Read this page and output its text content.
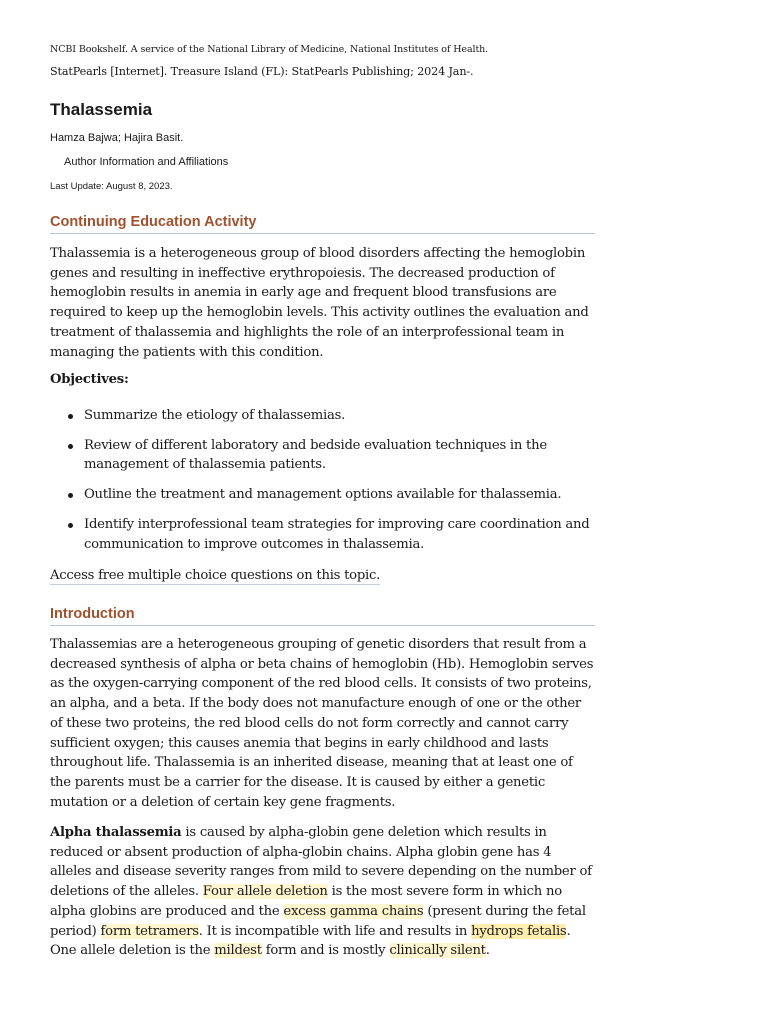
NCBI Bookshelf. A service of the National Library of Medicine, National Institutes of Health.
StatPearls [Internet]. Treasure Island (FL): StatPearls Publishing; 2024 Jan-.
Thalassemia
Hamza Bajwa; Hajira Basit.
Author Information and Affiliations
Last Update: August 8, 2023.
Continuing Education Activity

Thalassemia is a heterogeneous group of blood disorders affecting the hemoglobin genes and resulting in ineffective erythropoiesis. The decreased production of hemoglobin results in anemia in early age and frequent blood transfusions are required to keep up the hemoglobin levels. This activity outlines the evaluation and treatment of thalassemia and highlights the role of an interprofessional team in managing the patients with this condition.

Objectives:

Summarize the etiology of thalassemias.
Review of different laboratory and bedside evaluation techniques in the management of thalassemia patients.
Outline the treatment and management options available for thalassemia.
Identify interprofessional team strategies for improving care coordination and communication to improve outcomes in thalassemia.
Access free multiple choice questions on this topic.
Introduction

Thalassemias are a heterogeneous grouping of genetic disorders that result from a decreased synthesis of alpha or beta chains of hemoglobin (Hb). Hemoglobin serves as the oxygen-carrying component of the red blood cells. It consists of two proteins, an alpha, and a beta. If the body does not manufacture enough of one or the other of these two proteins, the red blood cells do not form correctly and cannot carry sufficient oxygen; this causes anemia that begins in early childhood and lasts throughout life. Thalassemia is an inherited disease, meaning that at least one of the parents must be a carrier for the disease. It is caused by either a genetic mutation or a deletion of certain key gene fragments.

Alpha thalassemia is caused by alpha-globin gene deletion which results in reduced or absent production of alpha-globin chains. Alpha globin gene has 4 alleles and disease severity ranges from mild to severe depending on the number of deletions of the alleles. Four allele deletion is the most severe form in which no alpha globins are produced and the excess gamma chains (present during the fetal period) form tetramers. It is incompatible with life and results in hydrops fetalis. One allele deletion is the mildest form and is mostly clinically silent.
